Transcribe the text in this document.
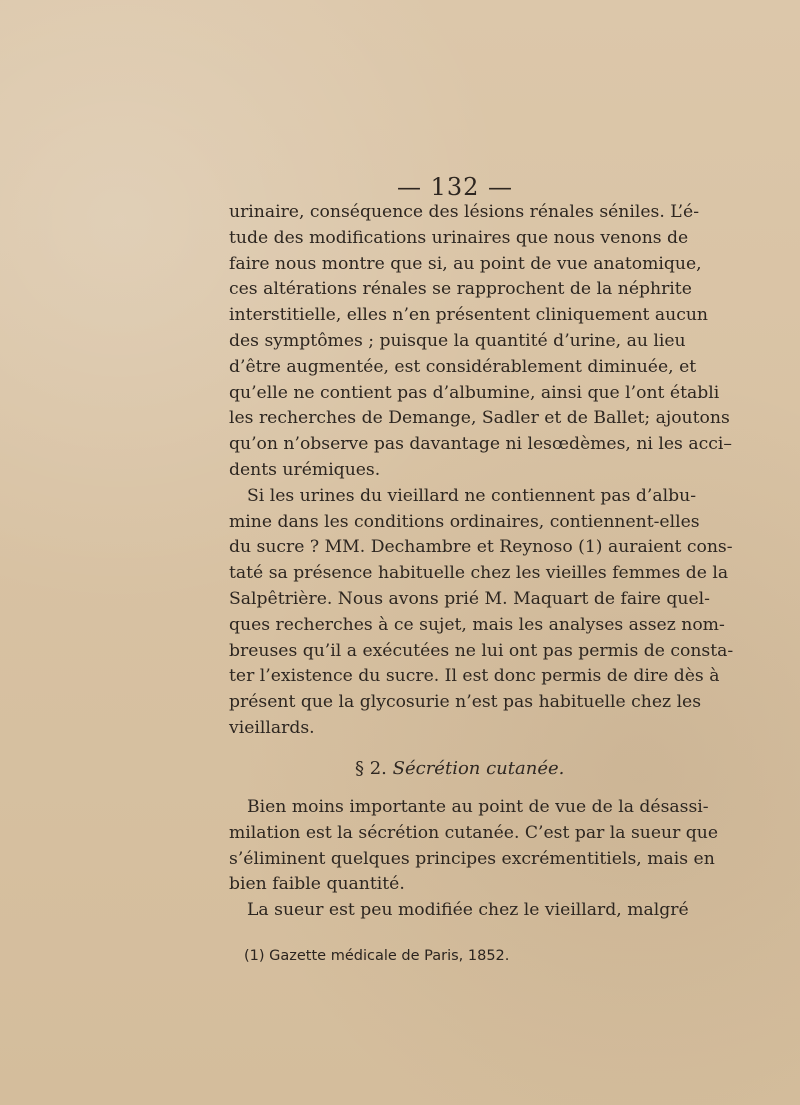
— 132 —
urinaire, conséquence des lésions rénales séniles. L’é-
tude des modifications urinaires que nous venons de
faire nous montre que si, au point de vue anatomique,
ces altérations rénales se rapprochent de la néphrite
interstitielle, elles n’en présentent cliniquement aucun
des symptômes ; puisque la quantité d’urine, au lieu
d’être augmentée, est considérablement diminuée, et
qu’elle ne contient pas d’albumine, ainsi que l’ont établi
les recherches de Demange, Sadler et de Ballet; ajoutons
qu’on n’observe pas davantage ni lesœdèmes, ni les acci–
dents urémiques.
Si les urines du vieillard ne contiennent pas d’albu-
mine dans les conditions ordinaires, contiennent-elles
du sucre ? MM. Dechambre et Reynoso (1) auraient cons-
taté sa présence habituelle chez les vieilles femmes de la
Salpêtrière. Nous avons prié M. Maquart de faire quel-
ques recherches à ce sujet, mais les analyses assez nom-
breuses qu’il a exécutées ne lui ont pas permis de consta-
ter l’existence du sucre. Il est donc permis de dire dès à
présent que la glycosurie n’est pas habituelle chez les
vieillards.
§ 2. Sécrétion cutanée.
Bien moins importante au point de vue de la désassi-
milation est la sécrétion cutanée. C’est par la sueur que
s’éliminent quelques principes excrémentitiels, mais en
bien faible quantité.
La sueur est peu modifiée chez le vieillard, malgré
(1) Gazette médicale de Paris, 1852.
